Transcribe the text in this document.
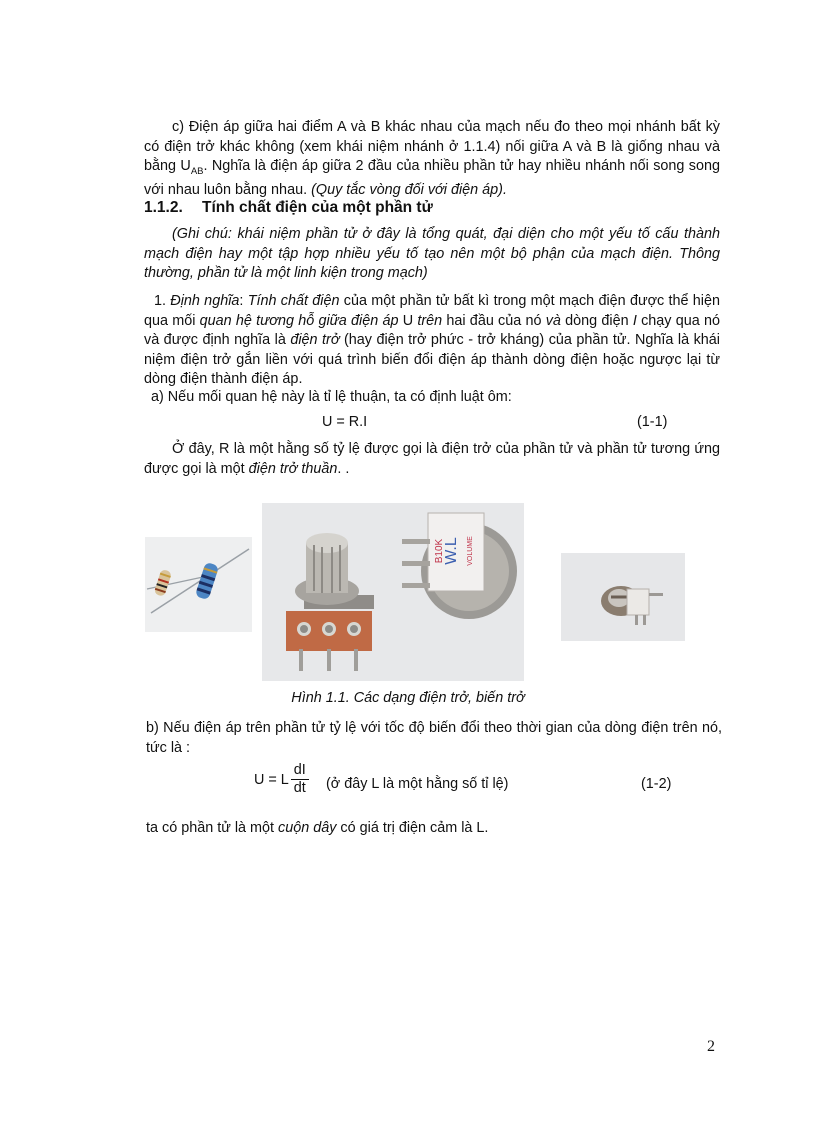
c) Điện áp giữa hai điểm A và B khác nhau của mạch nếu đo theo mọi nhánh bất kỳ có điện trở khác không (xem khái niệm nhánh ở 1.1.4) nối giữa A và B là giống nhau và bằng $U_{AB}$. Nghĩa là điện áp giữa 2 đầu của nhiều phần tử hay nhiều nhánh nối song song với nhau luôn bằng nhau. (Quy tắc vòng đối với điện áp).

1.1.2. Tính chất điện của một phần tử

(Ghi chú: khái niệm phần tử ở đây là tổng quát, đại diện cho một yếu tố cấu thành mạch điện hay một tập hợp nhiều yếu tố tạo nên một bộ phận của mạch điện. Thông thường, phần tử là một linh kiện trong mạch)

1. Định nghĩa: Tính chất điện của một phần tử bất kì trong một mạch điện được thể hiện qua mối quan hệ tương hỗ giữa điện áp U trên hai đầu của nó và dòng điện I chạy qua nó và được định nghĩa là điện trở (hay điện trở phức - trở kháng) của phần tử. Nghĩa là khái niệm điện trở gắn liền với quá trình biến đổi điện áp thành dòng điện hoặc ngược lại từ dòng điện thành điện áp.

a) Nếu mối quan hệ này là tỉ lệ thuận, ta có định luật ôm:

U = R.I	(1-1)

Ở đây, R là một hằng số tỷ lệ được gọi là điện trở của phần tử và phần tử tương ứng được gọi là một điện trở thuần. .

W.L
B10K	VOLUME
Hình 1.1. Các dạng điện trở, biến trở

b) Nếu điện áp trên phần tử tỷ lệ với tốc độ biến đổi theo thời gian của dòng điện trên nó, tức là :

U = L $\frac{dI}{dt}$ (ở đây L là một hằng số tỉ lệ)	(1-2)

ta có phần tử là một cuộn dây có giá trị điện cảm là L.

2
